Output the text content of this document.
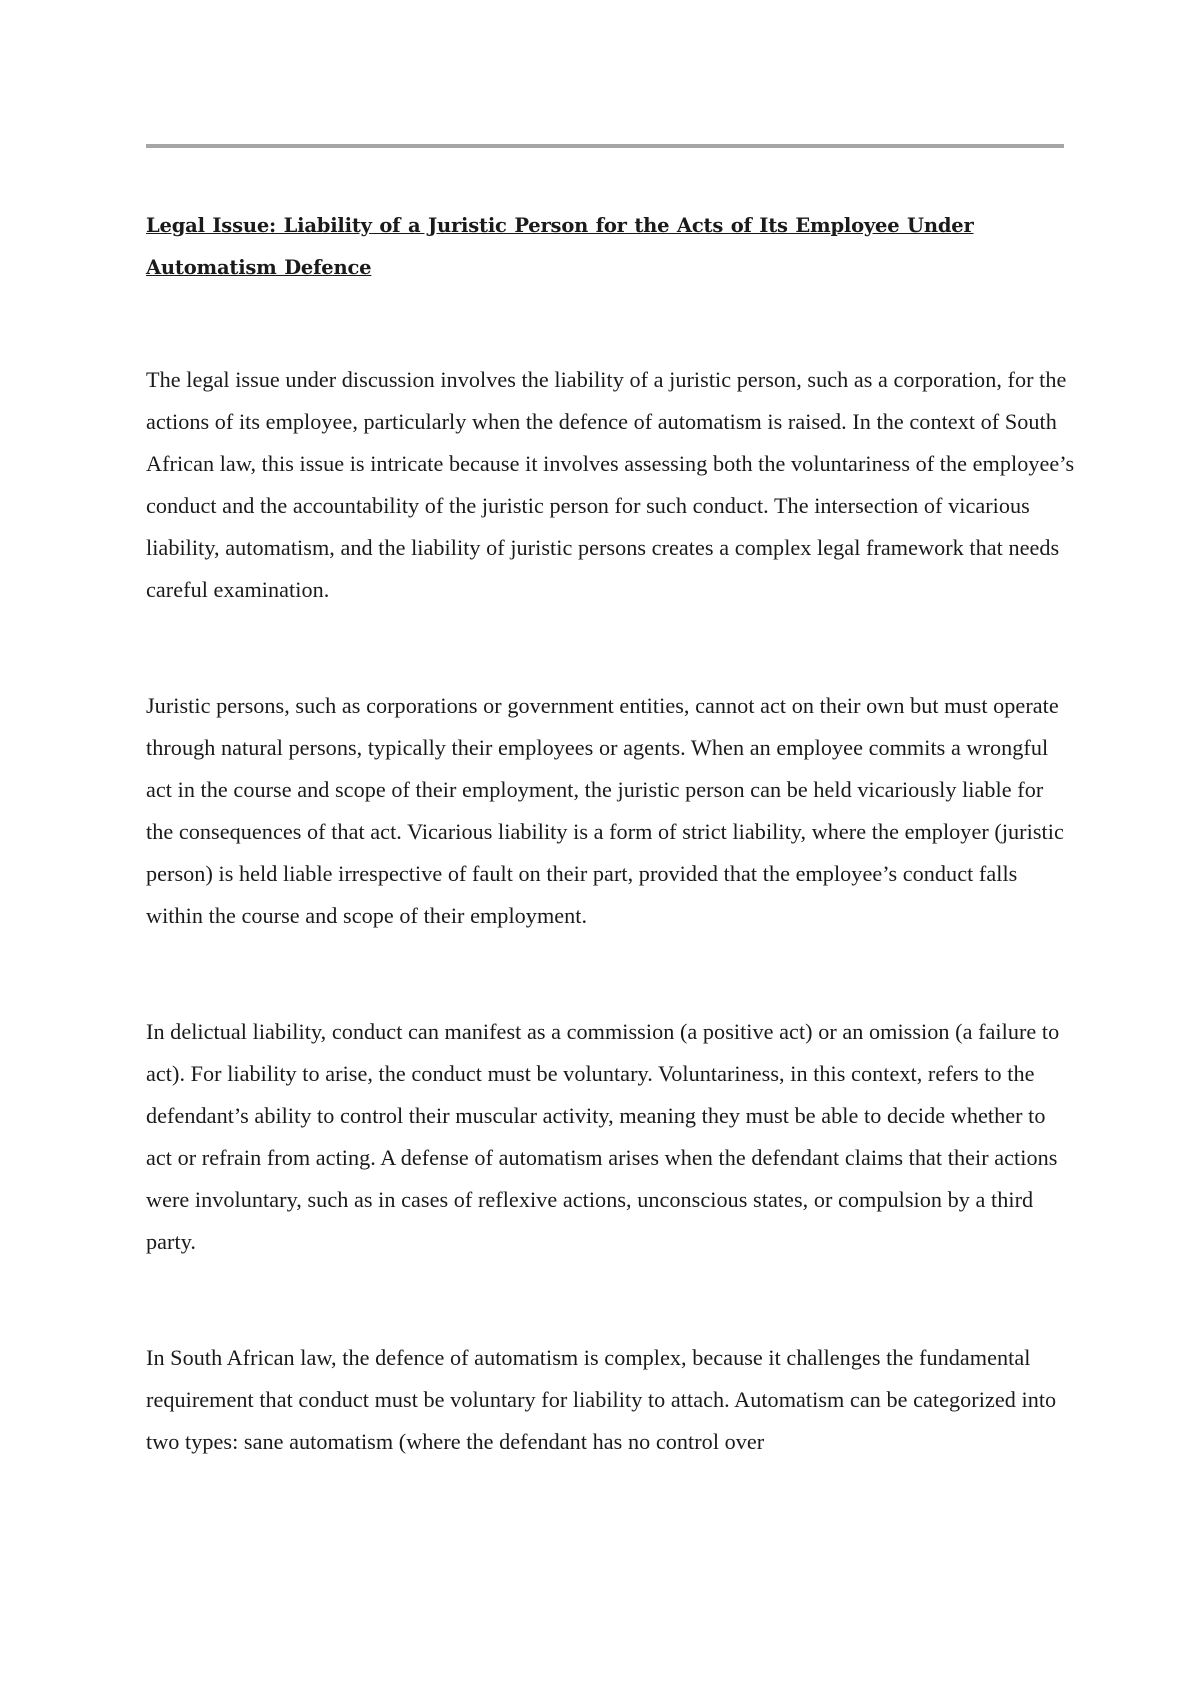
Legal Issue: Liability of a Juristic Person for the Acts of Its Employee Under Automatism Defence

The legal issue under discussion involves the liability of a juristic person, such as a corporation, for the actions of its employee, particularly when the defence of automatism is raised. In the context of South African law, this issue is intricate because it involves assessing both the voluntariness of the employee’s conduct and the accountability of the juristic person for such conduct. The intersection of vicarious liability, automatism, and the liability of juristic persons creates a complex legal framework that needs careful examination.

Juristic persons, such as corporations or government entities, cannot act on their own but must operate through natural persons, typically their employees or agents. When an employee commits a wrongful act in the course and scope of their employment, the juristic person can be held vicariously liable for the consequences of that act. Vicarious liability is a form of strict liability, where the employer (juristic person) is held liable irrespective of fault on their part, provided that the employee’s conduct falls within the course and scope of their employment.

In delictual liability, conduct can manifest as a commission (a positive act) or an omission (a failure to act). For liability to arise, the conduct must be voluntary. Voluntariness, in this context, refers to the defendant’s ability to control their muscular activity, meaning they must be able to decide whether to act or refrain from acting. A defense of automatism arises when the defendant claims that their actions were involuntary, such as in cases of reflexive actions, unconscious states, or compulsion by a third party.

In South African law, the defence of automatism is complex, because it challenges the fundamental requirement that conduct must be voluntary for liability to attach. Automatism can be categorized into two types: sane automatism (where the defendant has no control over
